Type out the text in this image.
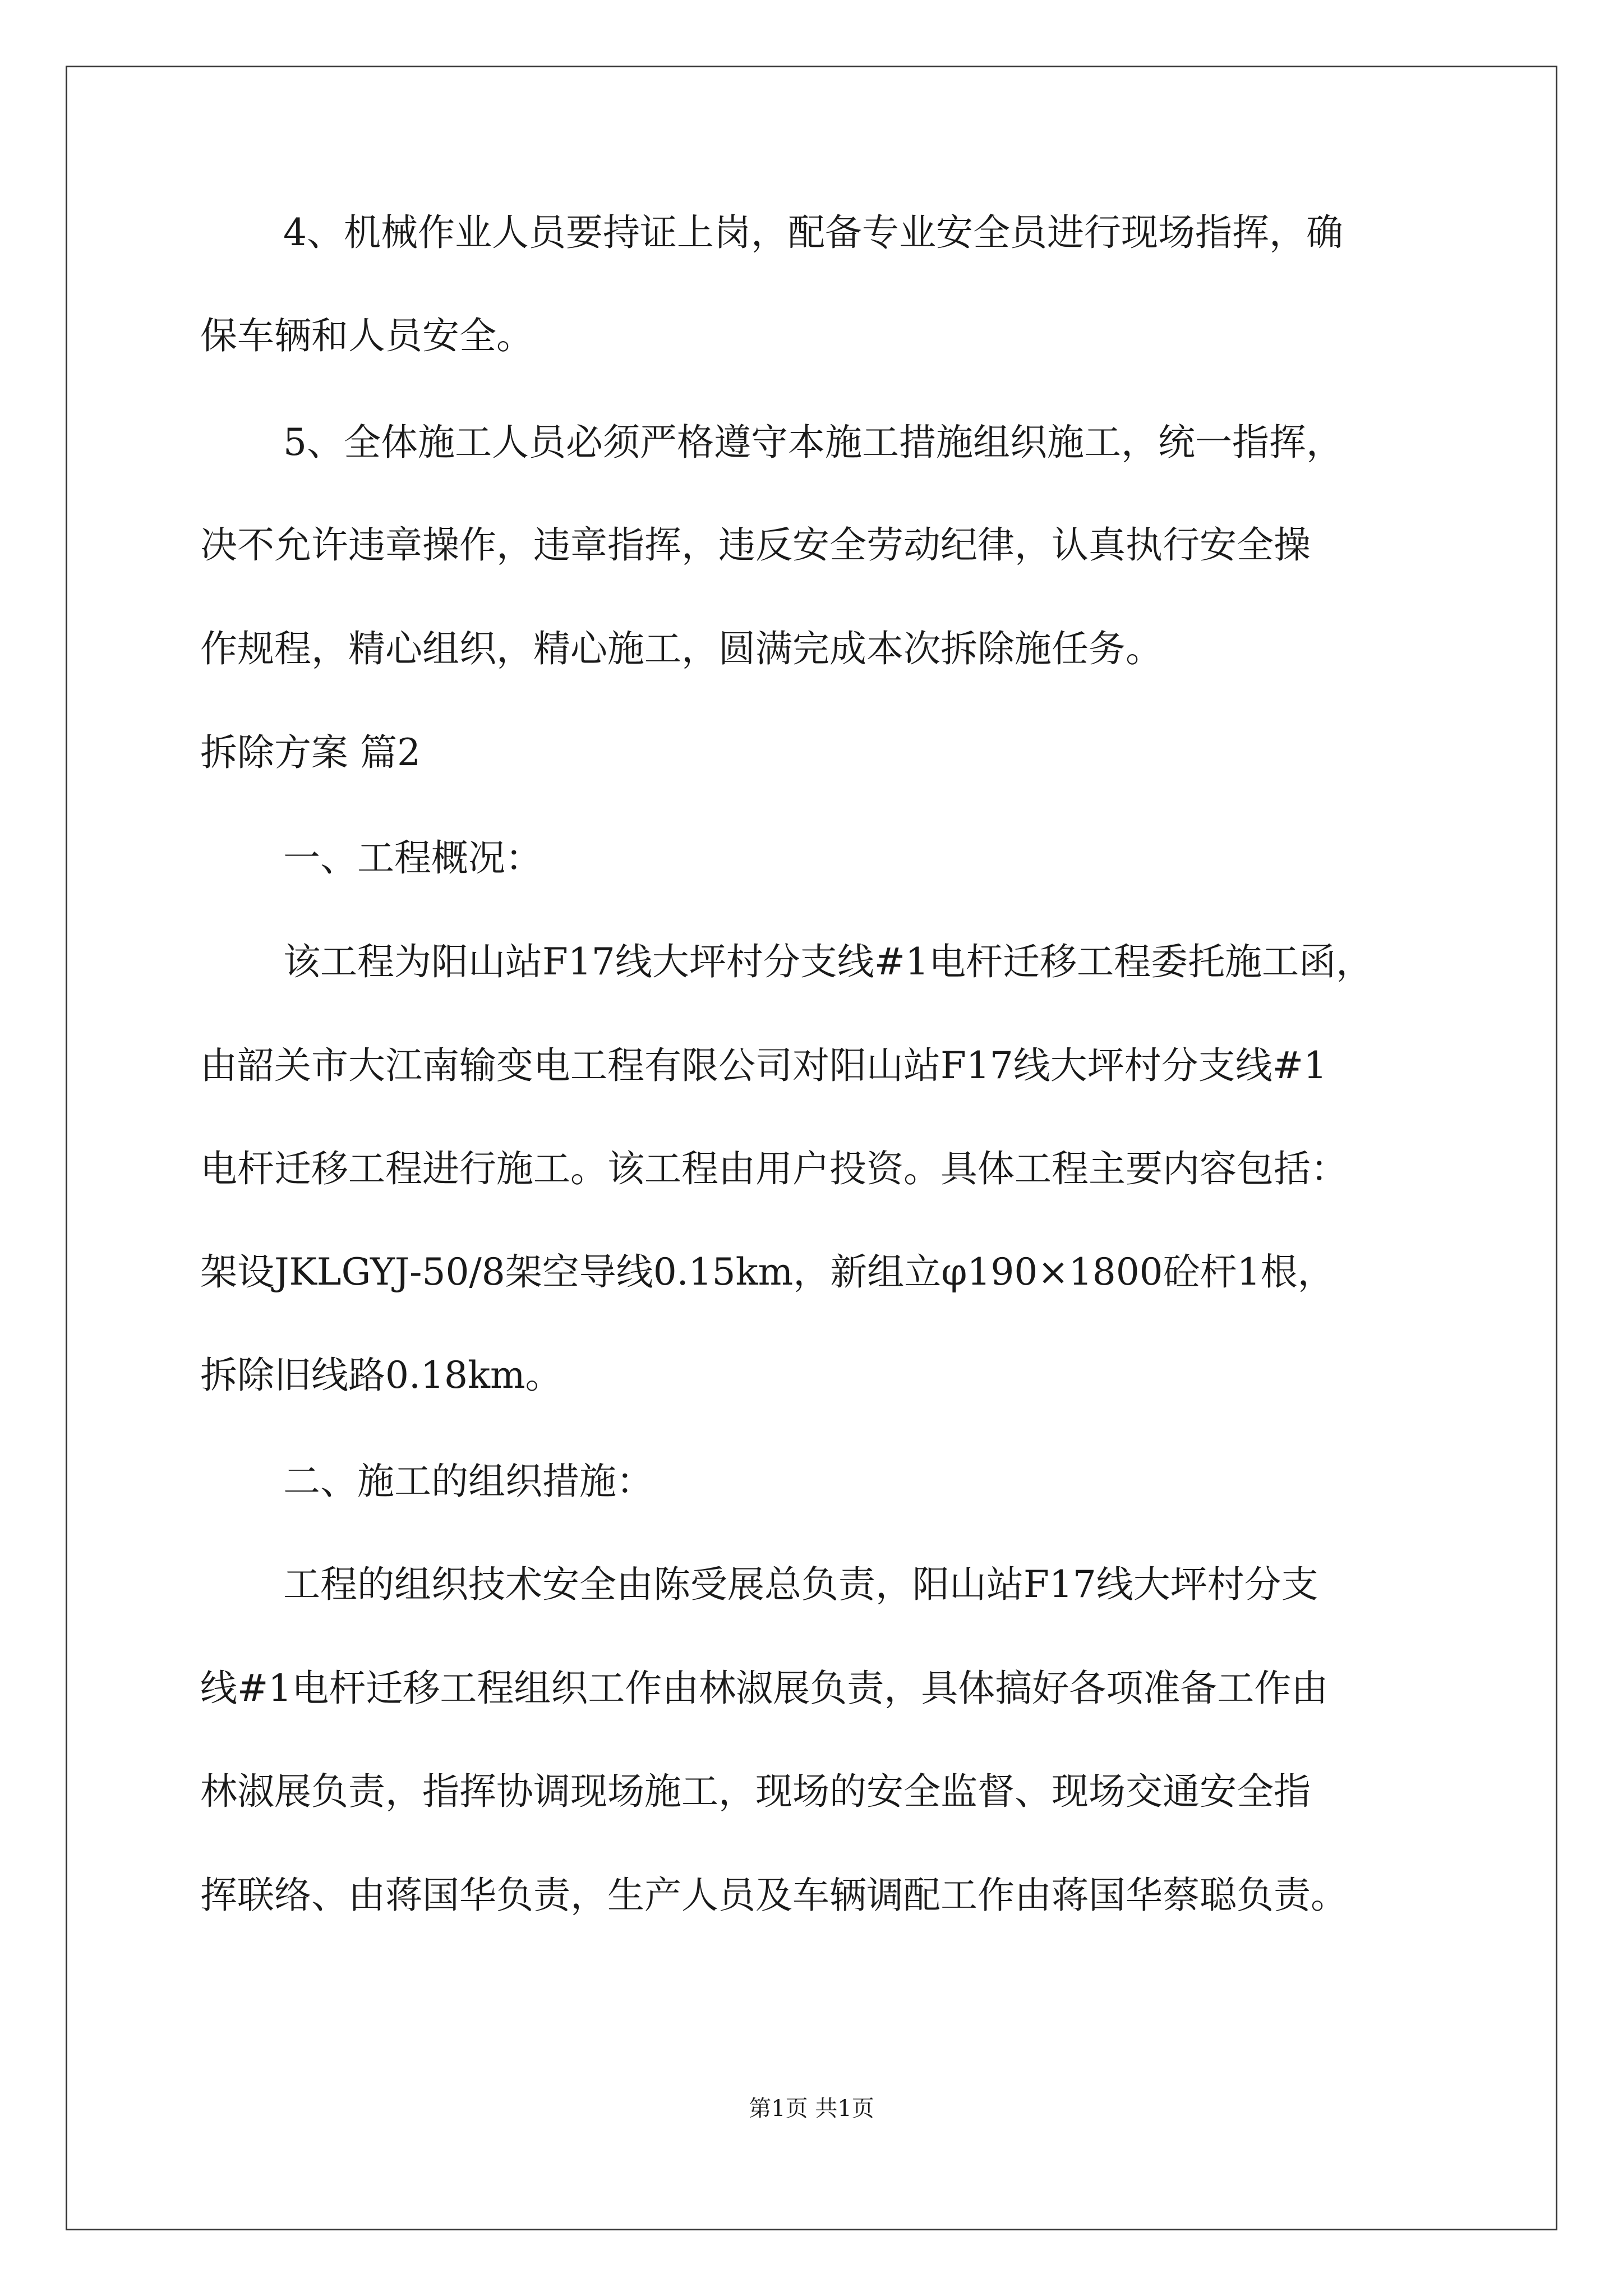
4、机械作业人员要持证上岗，配备专业安全员进行现场指挥，确
保车辆和人员安全。
5、全体施工人员必须严格遵守本施工措施组织施工，统一指挥，
决不允许违章操作，违章指挥，违反安全劳动纪律，认真执行安全操
作规程，精心组织，精心施工，圆满完成本次拆除施任务。
拆除方案 篇2
一、工程概况：
该工程为阳山站F17线大坪村分支线#1电杆迁移工程委托施工函，
由韶关市大江南输变电工程有限公司对阳山站F17线大坪村分支线#1
电杆迁移工程进行施工。该工程由用户投资。具体工程主要内容包括：
架设JKLGYJ-50/8架空导线0.15km，新组立φ190×1800砼杆1根，
拆除旧线路0.18km。
二、施工的组织措施：
工程的组织技术安全由陈受展总负责，阳山站F17线大坪村分支
线#1电杆迁移工程组织工作由林淑展负责，具体搞好各项准备工作由
林淑展负责，指挥协调现场施工，现场的安全监督、现场交通安全指
挥联络、由蒋国华负责，生产人员及车辆调配工作由蒋国华蔡聪负责。
第1页 共1页
